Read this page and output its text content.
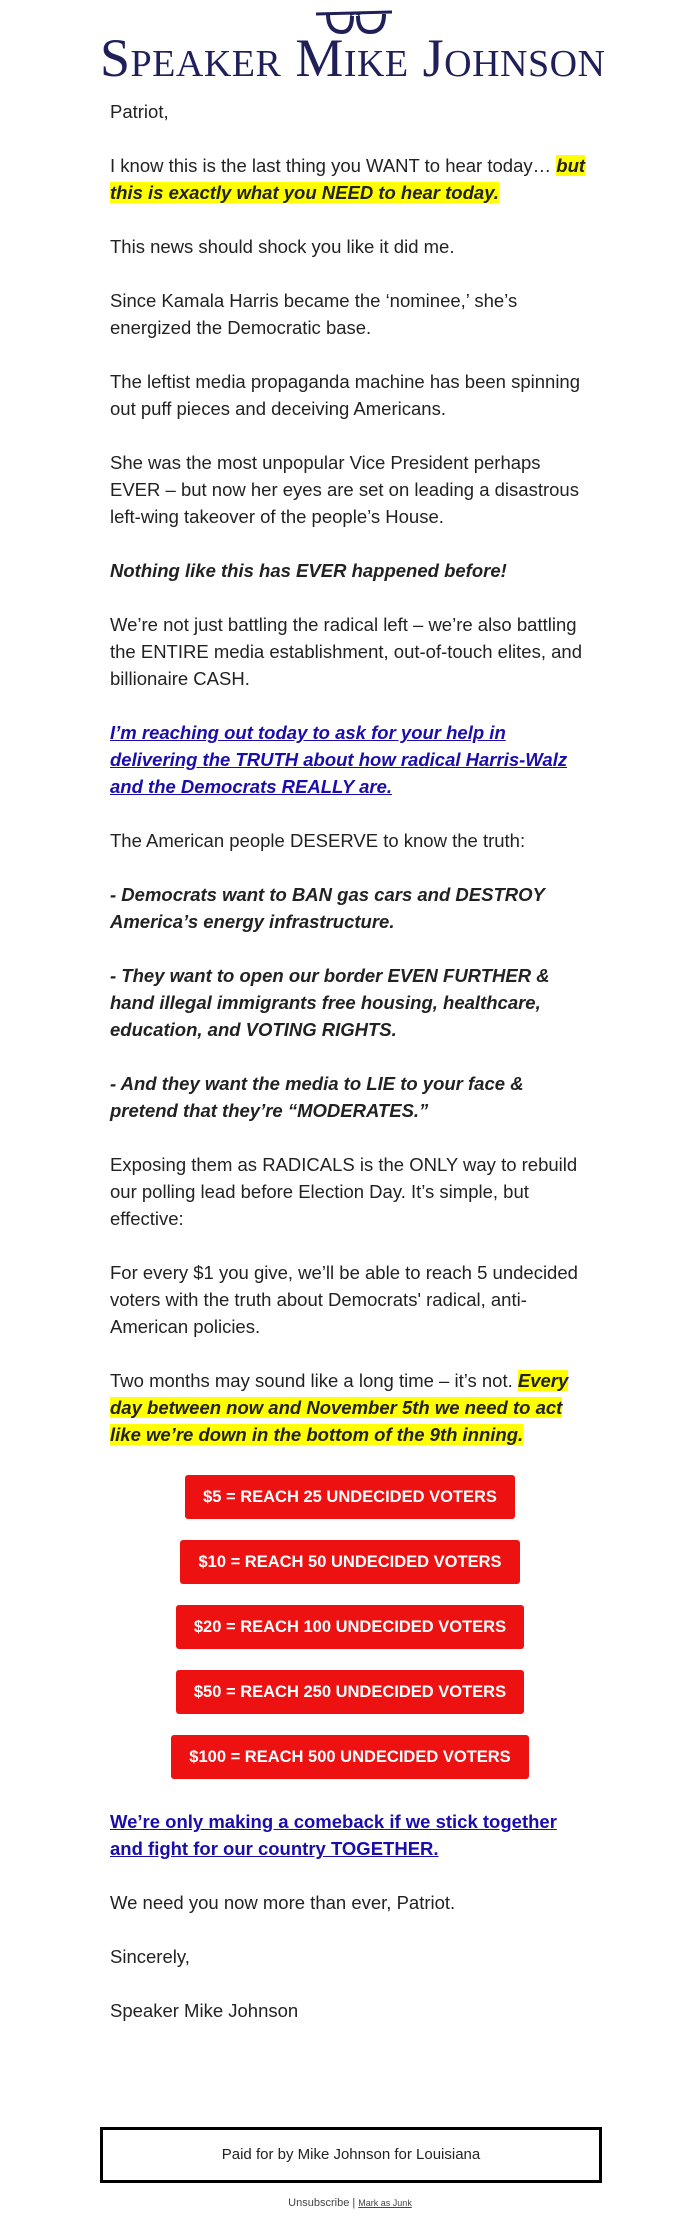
Speaker Mike Johnson

Patriot,

I know this is the last thing you WANT to hear today… but this is exactly what you NEED to hear today.

This news should shock you like it did me.

Since Kamala Harris became the ‘nominee,’ she’s energized the Democratic base.

The leftist media propaganda machine has been spinning out puff pieces and deceiving Americans.

She was the most unpopular Vice President perhaps EVER – but now her eyes are set on leading a disastrous left-wing takeover of the people’s House.

Nothing like this has EVER happened before!

We’re not just battling the radical left – we’re also battling the ENTIRE media establishment, out-of-touch elites, and billionaire CASH.

I’m reaching out today to ask for your help in delivering the TRUTH about how radical Harris-Walz and the Democrats REALLY are.

The American people DESERVE to know the truth:

- Democrats want to BAN gas cars and DESTROY America’s energy infrastructure.

- They want to open our border EVEN FURTHER & hand illegal immigrants free housing, healthcare, education, and VOTING RIGHTS.

- And they want the media to LIE to your face & pretend that they’re “MODERATES.”

Exposing them as RADICALS is the ONLY way to rebuild our polling lead before Election Day. It’s simple, but effective:

For every $1 you give, we’ll be able to reach 5 undecided voters with the truth about Democrats' radical, anti-American policies.

Two months may sound like a long time – it’s not. Every day between now and November 5th we need to act like we’re down in the bottom of the 9th inning.

$5 = REACH 25 UNDECIDED VOTERS
$10 = REACH 50 UNDECIDED VOTERS
$20 = REACH 100 UNDECIDED VOTERS
$50 = REACH 250 UNDECIDED VOTERS
$100 = REACH 500 UNDECIDED VOTERS

We’re only making a comeback if we stick together and fight for our country TOGETHER.

We need you now more than ever, Patriot.

Sincerely,

Speaker Mike Johnson

Paid for by Mike Johnson for Louisiana
Unsubscribe | Mark as Junk
